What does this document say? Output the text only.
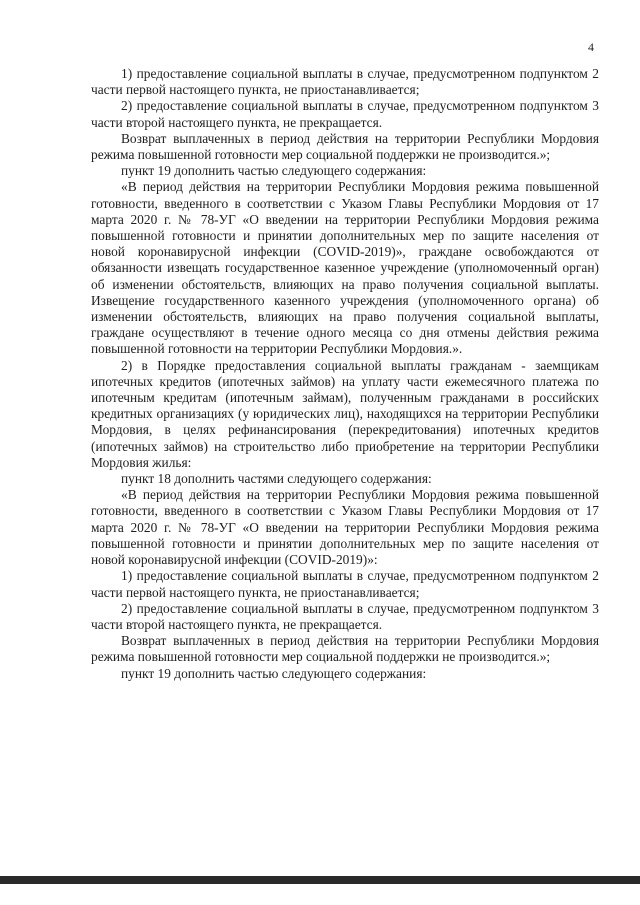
4

1) предоставление социальной выплаты в случае, предусмотренном подпунктом 2 части первой настоящего пункта, не приостанавливается;

2) предоставление социальной выплаты в случае, предусмотренном подпунктом 3 части второй настоящего пункта, не прекращается.

Возврат выплаченных в период действия на территории Республики Мордовия режима повышенной готовности мер социальной поддержки не производится.»;

пункт 19 дополнить частью следующего содержания:

«В период действия на территории Республики Мордовия режима повышенной готовности, введенного в соответствии с Указом Главы Республики Мордовия от 17 марта 2020 г. № 78-УГ «О введении на территории Республики Мордовия режима повышенной готовности и принятии дополнительных мер по защите населения от новой коронавирусной инфекции (COVID-2019)», граждане освобождаются от обязанности извещать государственное казенное учреждение (уполномоченный орган) об изменении обстоятельств, влияющих на право получения социальной выплаты. Извещение государственного казенного учреждения (уполномоченного органа) об изменении обстоятельств, влияющих на право получения социальной выплаты, граждане осуществляют в течение одного месяца со дня отмены действия режима повышенной готовности на территории Республики Мордовия.».

2) в Порядке предоставления социальной выплаты гражданам - заемщикам ипотечных кредитов (ипотечных займов) на уплату части ежемесячного платежа по ипотечным кредитам (ипотечным займам), полученным гражданами в российских кредитных организациях (у юридических лиц), находящихся на территории Республики Мордовия, в целях рефинансирования (перекредитования) ипотечных кредитов (ипотечных займов) на строительство либо приобретение на территории Республики Мордовия жилья:

пункт 18 дополнить частями следующего содержания:

«В период действия на территории Республики Мордовия режима повышенной готовности, введенного в соответствии с Указом Главы Республики Мордовия от 17 марта 2020 г. № 78-УГ «О введении на территории Республики Мордовия режима повышенной готовности и принятии дополнительных мер по защите населения от новой коронавирусной инфекции (COVID-2019)»:

1) предоставление социальной выплаты в случае, предусмотренном подпунктом 2 части первой настоящего пункта, не приостанавливается;

2) предоставление социальной выплаты в случае, предусмотренном подпунктом 3 части второй настоящего пункта, не прекращается.

Возврат выплаченных в период действия на территории Республики Мордовия режима повышенной готовности мер социальной поддержки не производится.»;

пункт 19 дополнить частью следующего содержания:
